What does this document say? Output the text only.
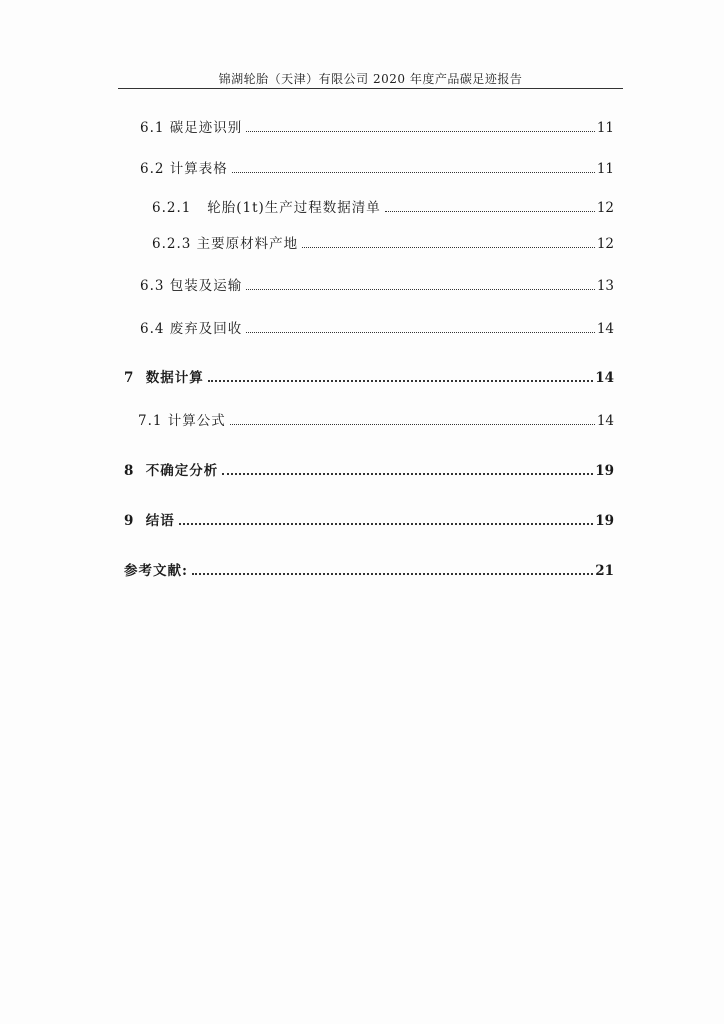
锦湖轮胎（天津）有限公司 2020 年度产品碳足迹报告
6.1 碳足迹识别	11
6.2 计算表格	11
6.2.1   轮胎(1t)生产过程数据清单	12
6.2.3 主要原材料产地	12
6.3 包装及运输	13
6.4 废弃及回收	14
7  数据计算	14
7.1 计算公式	14
8  不确定分析	19
9  结语	19
参考文献:	21
